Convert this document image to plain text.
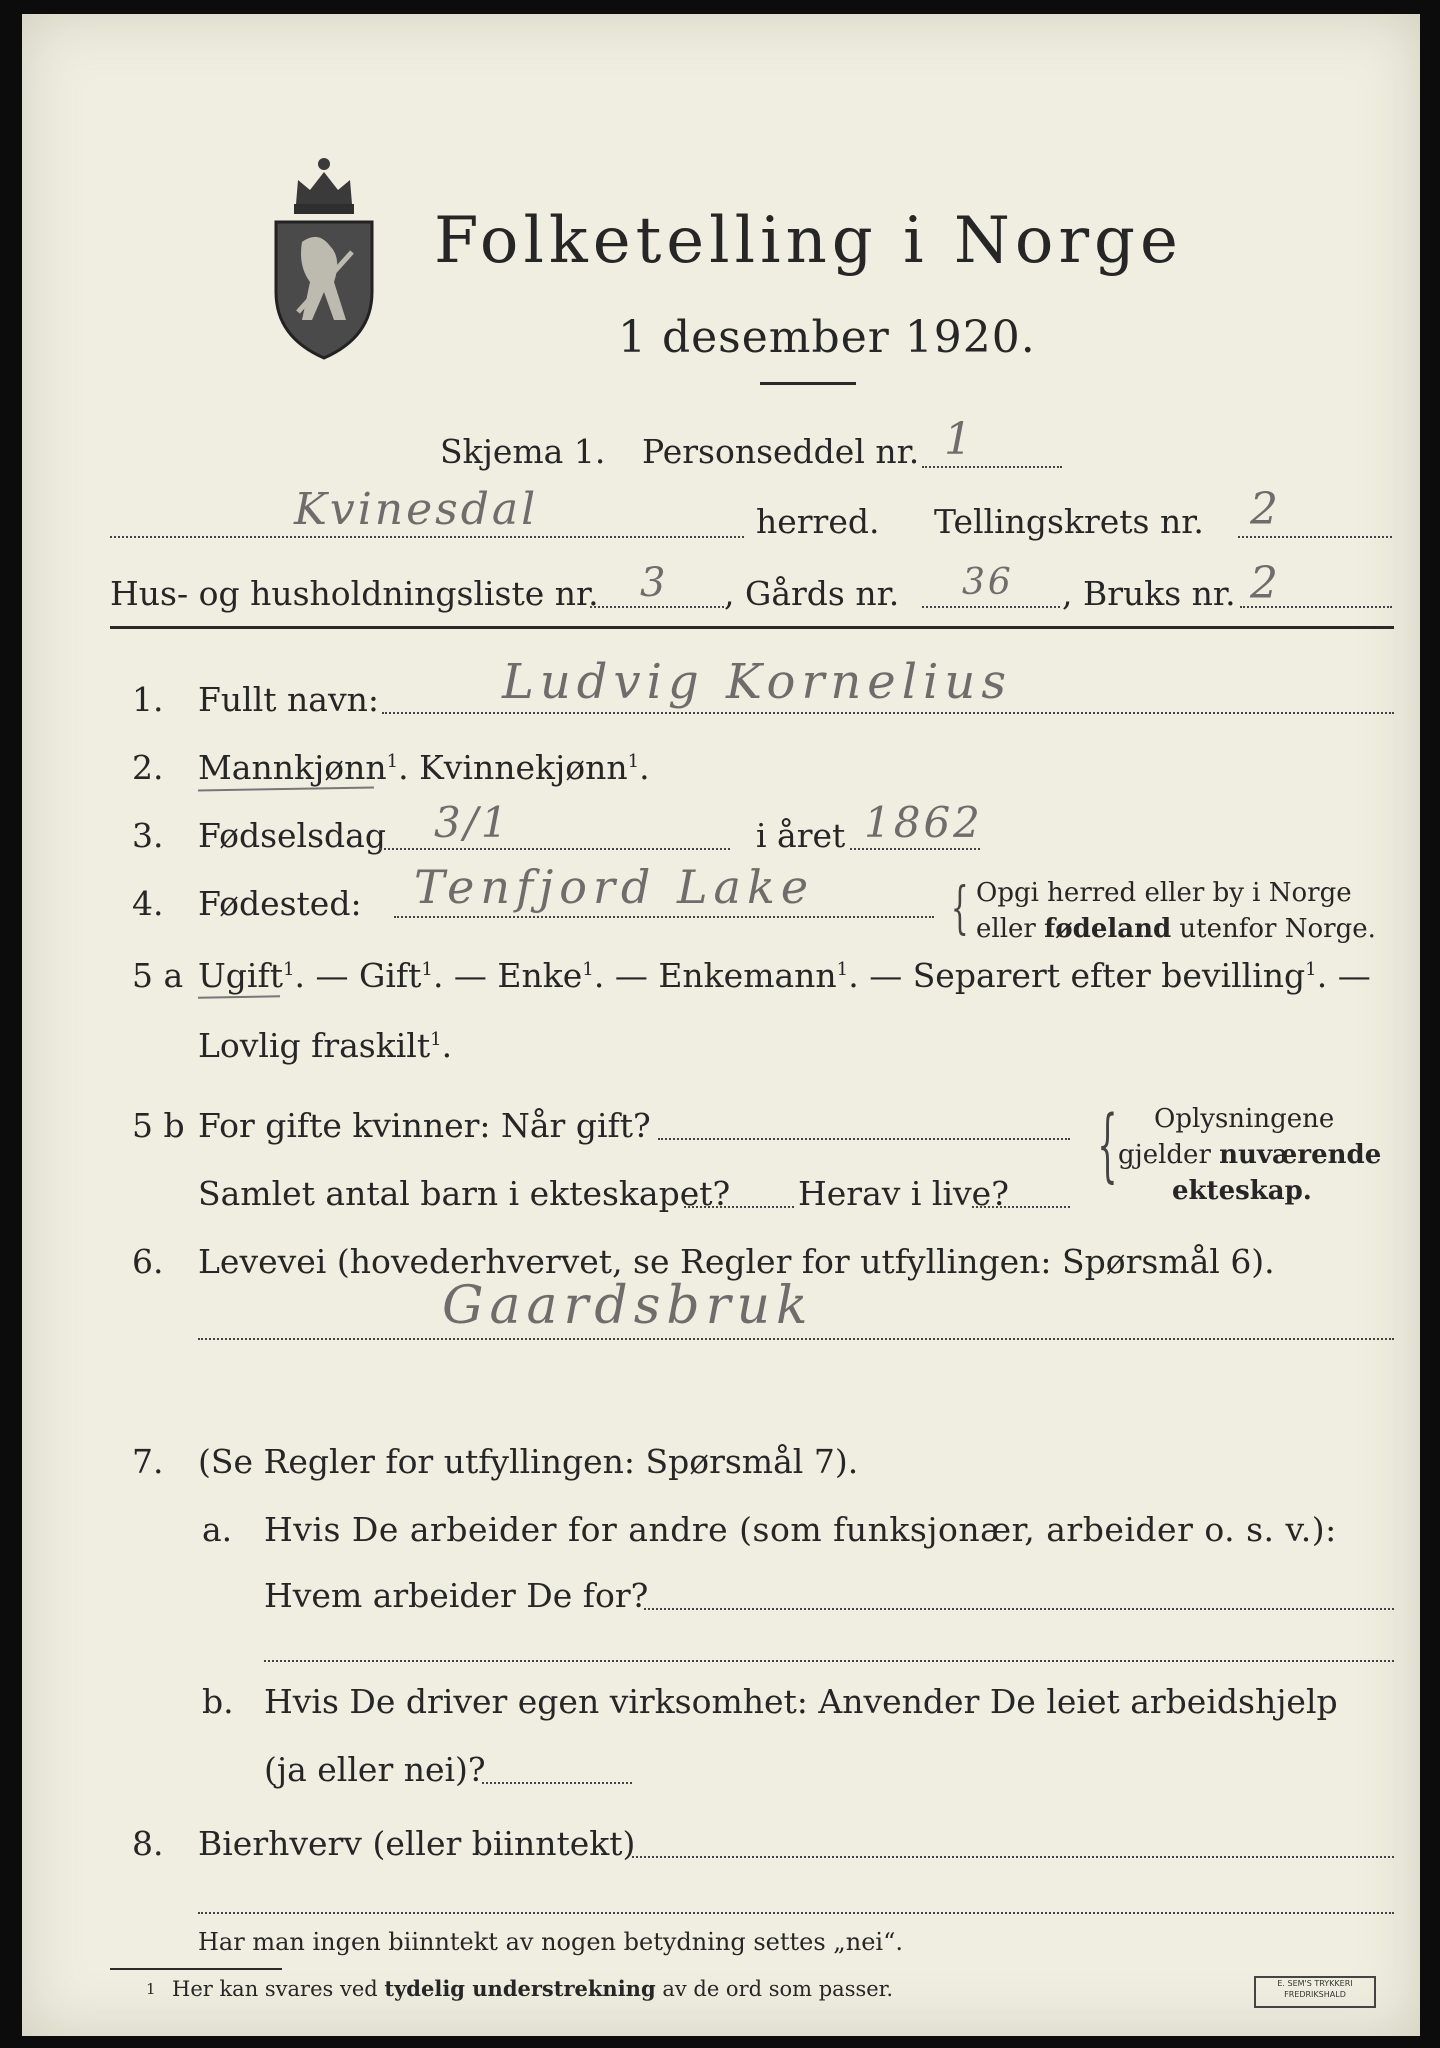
Folketelling i Norge
1 desember 1920.
Skjema 1. Personseddel nr. 1
Kvinesdal	herred. Tellingskrets nr. 2
Hus- og husholdningsliste nr. 3 , Gårds nr. 36 , Bruks nr. 2
1. Fullt navn:	Ludvig Kornelius
2. Mannkjønn$^1$. Kvinnekjønn$^1$.
3. Fødselsdag 3/1	i året 1862
4. Fødested: Tenfjord Lake { Opgi herred eller by i Norge
eller fødeland utenfor Norge.
5 a Ugift$^1$. — Gift$^1$. — Enke$^1$. — Enkemann$^1$. — Separert efter bevilling$^1$. —
Lovlig fraskilt$^1$.
5 b For gifte kvinner: Når gift?
Samlet antal barn i ekteskapet? Herav i live?
{ Oplysningene
gjelder nuværende
ekteskap.
6. Levevei (hovederhvervet, se Regler for utfyllingen: Spørsmål 6).
Gaardsbruk
7. (Se Regler for utfyllingen: Spørsmål 7).
a. Hvis De arbeider for andre (som funksjonær, arbeider o. s. v.):
Hvem arbeider De for?
b. Hvis De driver egen virksomhet: Anvender De leiet arbeidshjelp
(ja eller nei)?
8. Bierhverv (eller biinntekt)
Har man ingen biinntekt av nogen betydning settes „nei“.
1 Her kan svares ved tydelig understrekning av de ord som passer.	E. SEM'S TRYKKERI
FREDRIKSHALD
